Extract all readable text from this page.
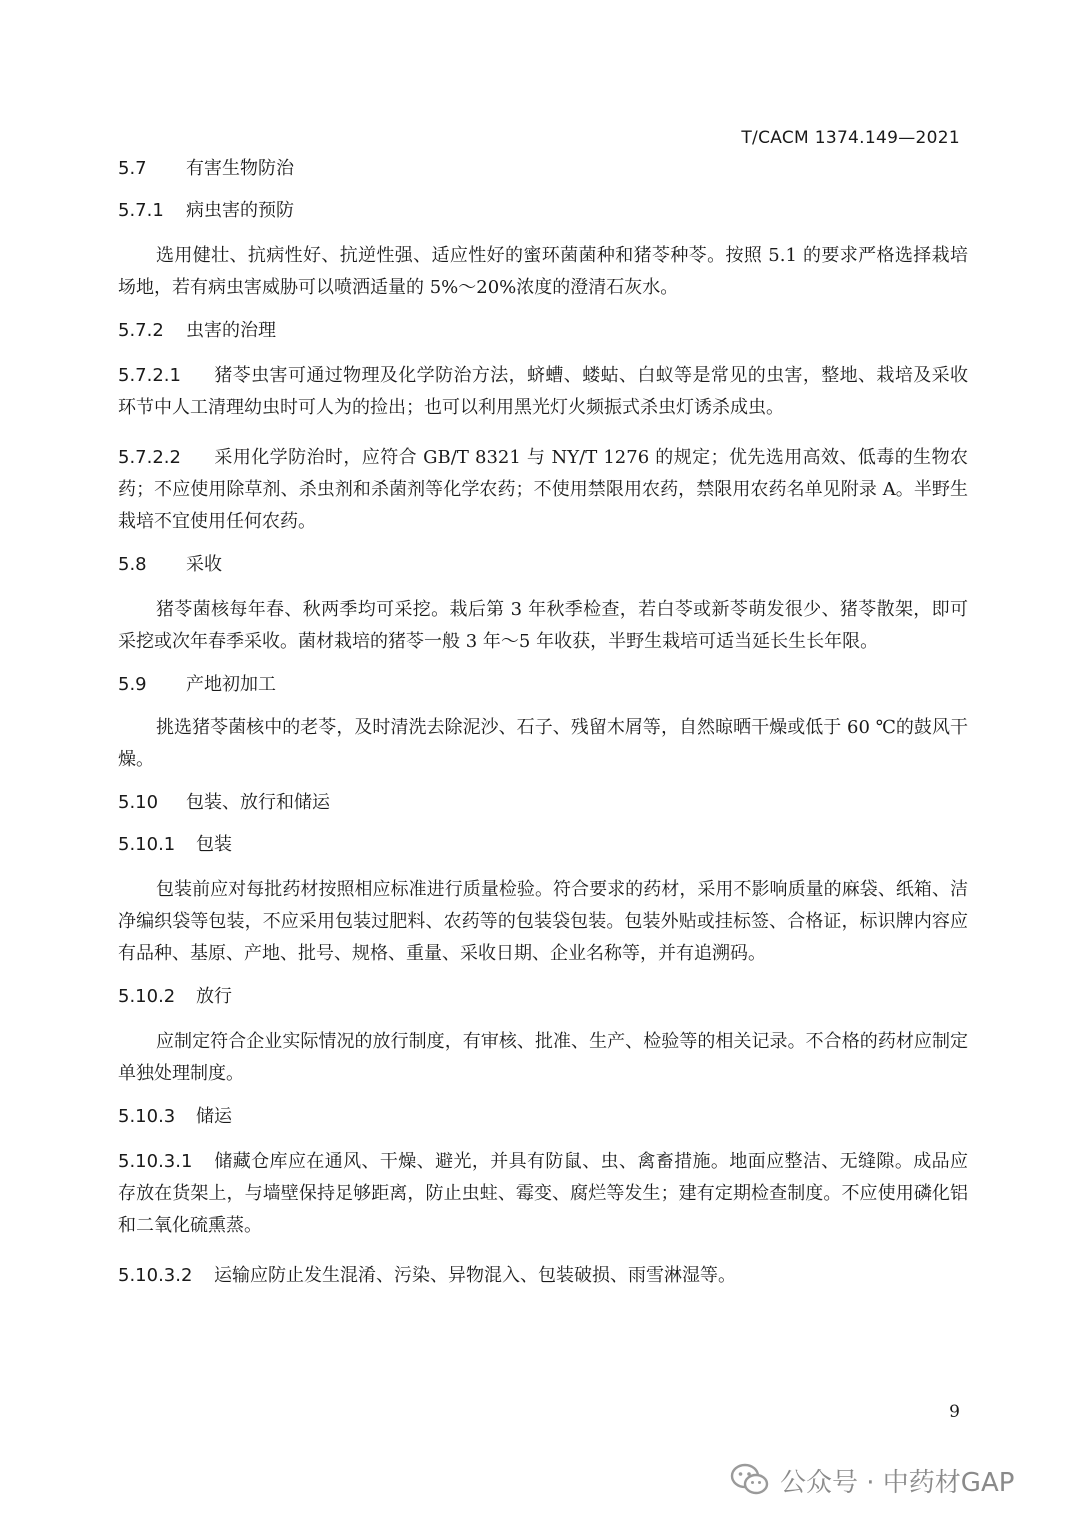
T/CACM 1374.149—2021
5.7 有害生物防治
5.7.1 病虫害的预防
选用健壮、抗病性好、抗逆性强、适应性好的蜜环菌菌种和猪苓种苓。按照 5.1 的要求严格选择栽培场地，若有病虫害威胁可以喷洒适量的 5%～20%浓度的澄清石灰水。
5.7.2 虫害的治理
5.7.2.1 猪苓虫害可通过物理及化学防治方法，蛴螬、蝼蛄、白蚁等是常见的虫害，整地、栽培及采收环节中人工清理幼虫时可人为的捡出；也可以利用黑光灯火频振式杀虫灯诱杀成虫。
5.7.2.2 采用化学防治时，应符合 GB/T 8321 与 NY/T 1276 的规定；优先选用高效、低毒的生物农药；不应使用除草剂、杀虫剂和杀菌剂等化学农药；不使用禁限用农药，禁限用农药名单见附录 A。半野生栽培不宜使用任何农药。
5.8 采收
猪苓菌核每年春、秋两季均可采挖。栽后第 3 年秋季检查，若白苓或新苓萌发很少、猪苓散架，即可采挖或次年春季采收。菌材栽培的猪苓一般 3 年～5 年收获，半野生栽培可适当延长生长年限。
5.9 产地初加工
挑选猪苓菌核中的老苓，及时清洗去除泥沙、石子、残留木屑等，自然晾晒干燥或低于 60 ℃的鼓风干燥。
5.10 包装、放行和储运
5.10.1 包装
包装前应对每批药材按照相应标准进行质量检验。符合要求的药材，采用不影响质量的麻袋、纸箱、洁净编织袋等包装，不应采用包装过肥料、农药等的包装袋包装。包装外贴或挂标签、合格证，标识牌内容应有品种、基原、产地、批号、规格、重量、采收日期、企业名称等，并有追溯码。
5.10.2 放行
应制定符合企业实际情况的放行制度，有审核、批准、生产、检验等的相关记录。不合格的药材应制定单独处理制度。
5.10.3 储运
5.10.3.1 储藏仓库应在通风、干燥、避光，并具有防鼠、虫、禽畜措施。地面应整洁、无缝隙。成品应存放在货架上，与墙壁保持足够距离，防止虫蛀、霉变、腐烂等发生；建有定期检查制度。不应使用磷化铝和二氧化硫熏蒸。
5.10.3.2 运输应防止发生混淆、污染、异物混入、包装破损、雨雪淋湿等。
9
公众号 · 中药材GAP
